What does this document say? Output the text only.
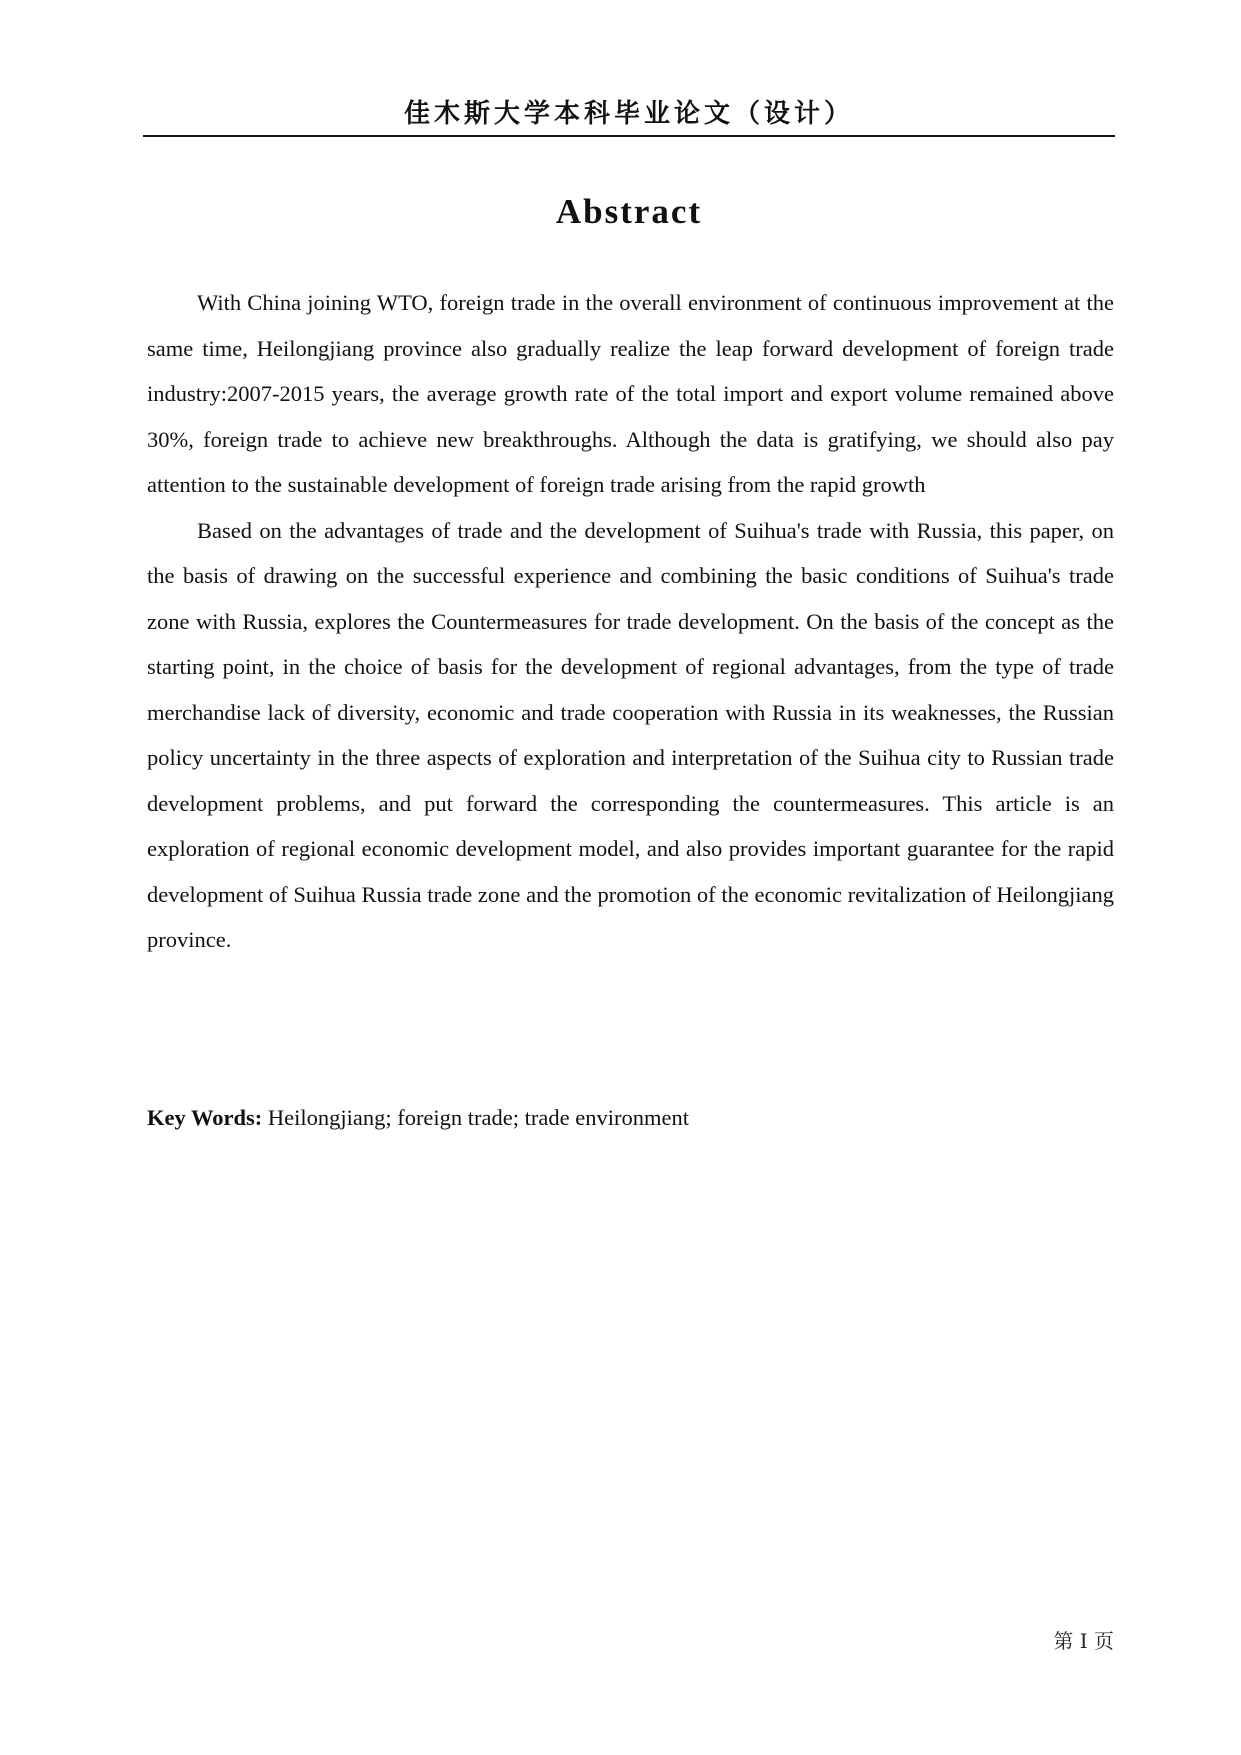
佳木斯大学本科毕业论文（设计）
Abstract

With China joining WTO, foreign trade in the overall environment of continuous improvement at the same time, Heilongjiang province also gradually realize the leap forward development of foreign trade industry:2007-2015 years, the average growth rate of the total import and export volume remained above 30%, foreign trade to achieve new breakthroughs. Although the data is gratifying, we should also pay attention to the sustainable development of foreign trade arising from the rapid growth

Based on the advantages of trade and the development of Suihua's trade with Russia, this paper, on the basis of drawing on the successful experience and combining the basic conditions of Suihua's trade zone with Russia, explores the Countermeasures for trade development. On the basis of the concept as the starting point, in the choice of basis for the development of regional advantages, from the type of trade merchandise lack of diversity, economic and trade cooperation with Russia in its weaknesses, the Russian policy uncertainty in the three aspects of exploration and interpretation of the Suihua city to Russian trade development problems, and put forward the corresponding the countermeasures. This article is an exploration of regional economic development model, and also provides important guarantee for the rapid development of Suihua Russia trade zone and the promotion of the economic revitalization of Heilongjiang province.

Key Words: Heilongjiang; foreign trade; trade environment
第 I 页
